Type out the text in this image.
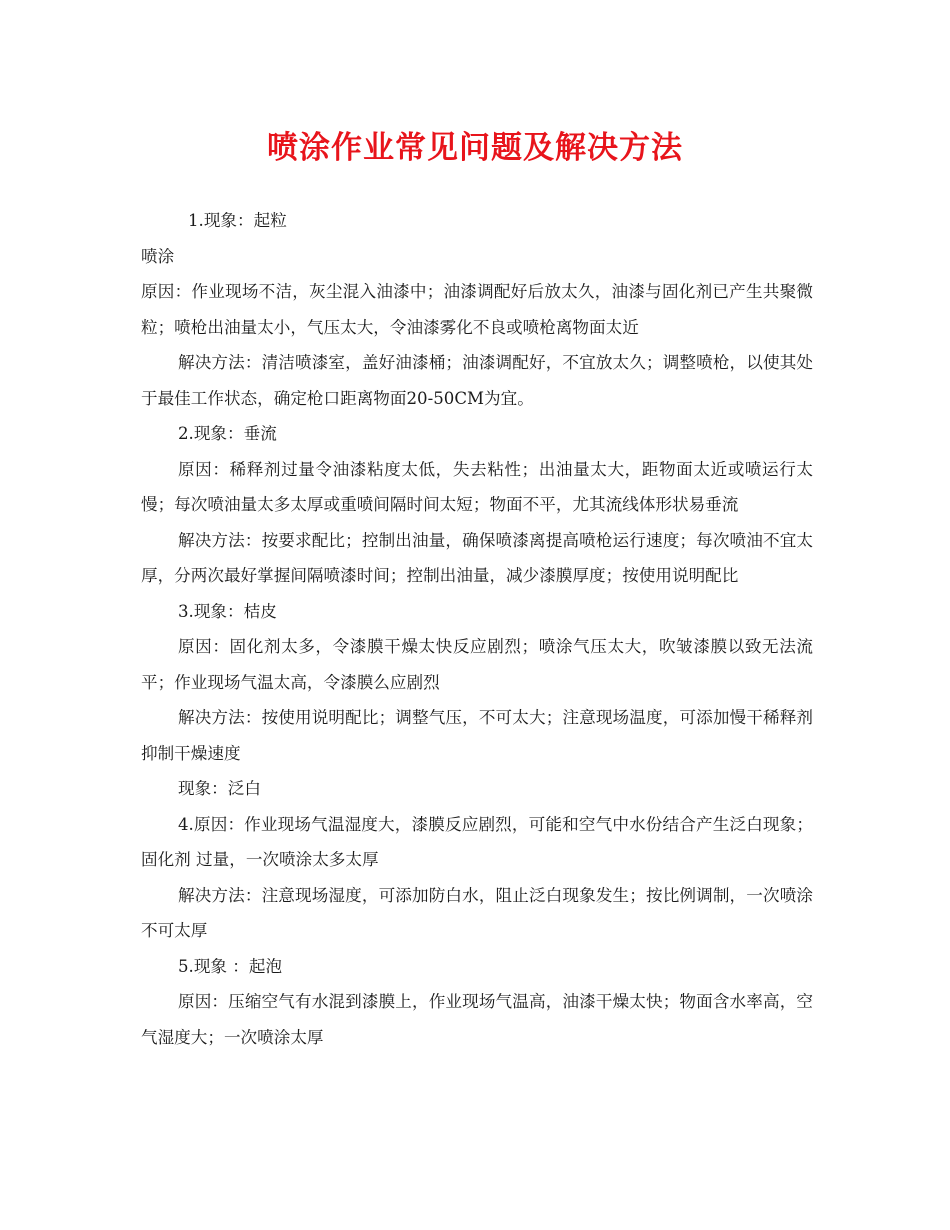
喷涂作业常见问题及解决方法

1.现象：起粒

喷涂

原因：作业现场不洁，灰尘混入油漆中；油漆调配好后放太久，油漆与固化剂已产生共聚微粒；喷枪出油量太小，气压太大，令油漆雾化不良或喷枪离物面太近

解决方法：清洁喷漆室，盖好油漆桶；油漆调配好，不宜放太久；调整喷枪，以使其处于最佳工作状态，确定枪口距离物面20-50CM为宜。

2.现象：垂流

原因：稀释剂过量令油漆粘度太低，失去粘性；出油量太大，距物面太近或喷运行太慢；每次喷油量太多太厚或重喷间隔时间太短；物面不平，尤其流线体形状易垂流

解决方法：按要求配比；控制出油量，确保喷漆离提高喷枪运行速度；每次喷油不宜太厚，分两次最好掌握间隔喷漆时间；控制出油量，减少漆膜厚度；按使用说明配比

3.现象：桔皮

原因：固化剂太多，令漆膜干燥太快反应剧烈；喷涂气压太大，吹皱漆膜以致无法流平；作业现场气温太高，令漆膜么应剧烈

解决方法：按使用说明配比；调整气压，不可太大；注意现场温度，可添加慢干稀释剂抑制干燥速度

现象：泛白

4.原因：作业现场气温湿度大，漆膜反应剧烈，可能和空气中水份结合产生泛白现象；固化剂 过量，一次喷涂太多太厚

解决方法：注意现场湿度，可添加防白水，阻止泛白现象发生；按比例调制，一次喷涂不可太厚

5.现象 ：起泡

原因：压缩空气有水混到漆膜上，作业现场气温高，油漆干燥太快；物面含水率高，空气湿度大；一次喷涂太厚
